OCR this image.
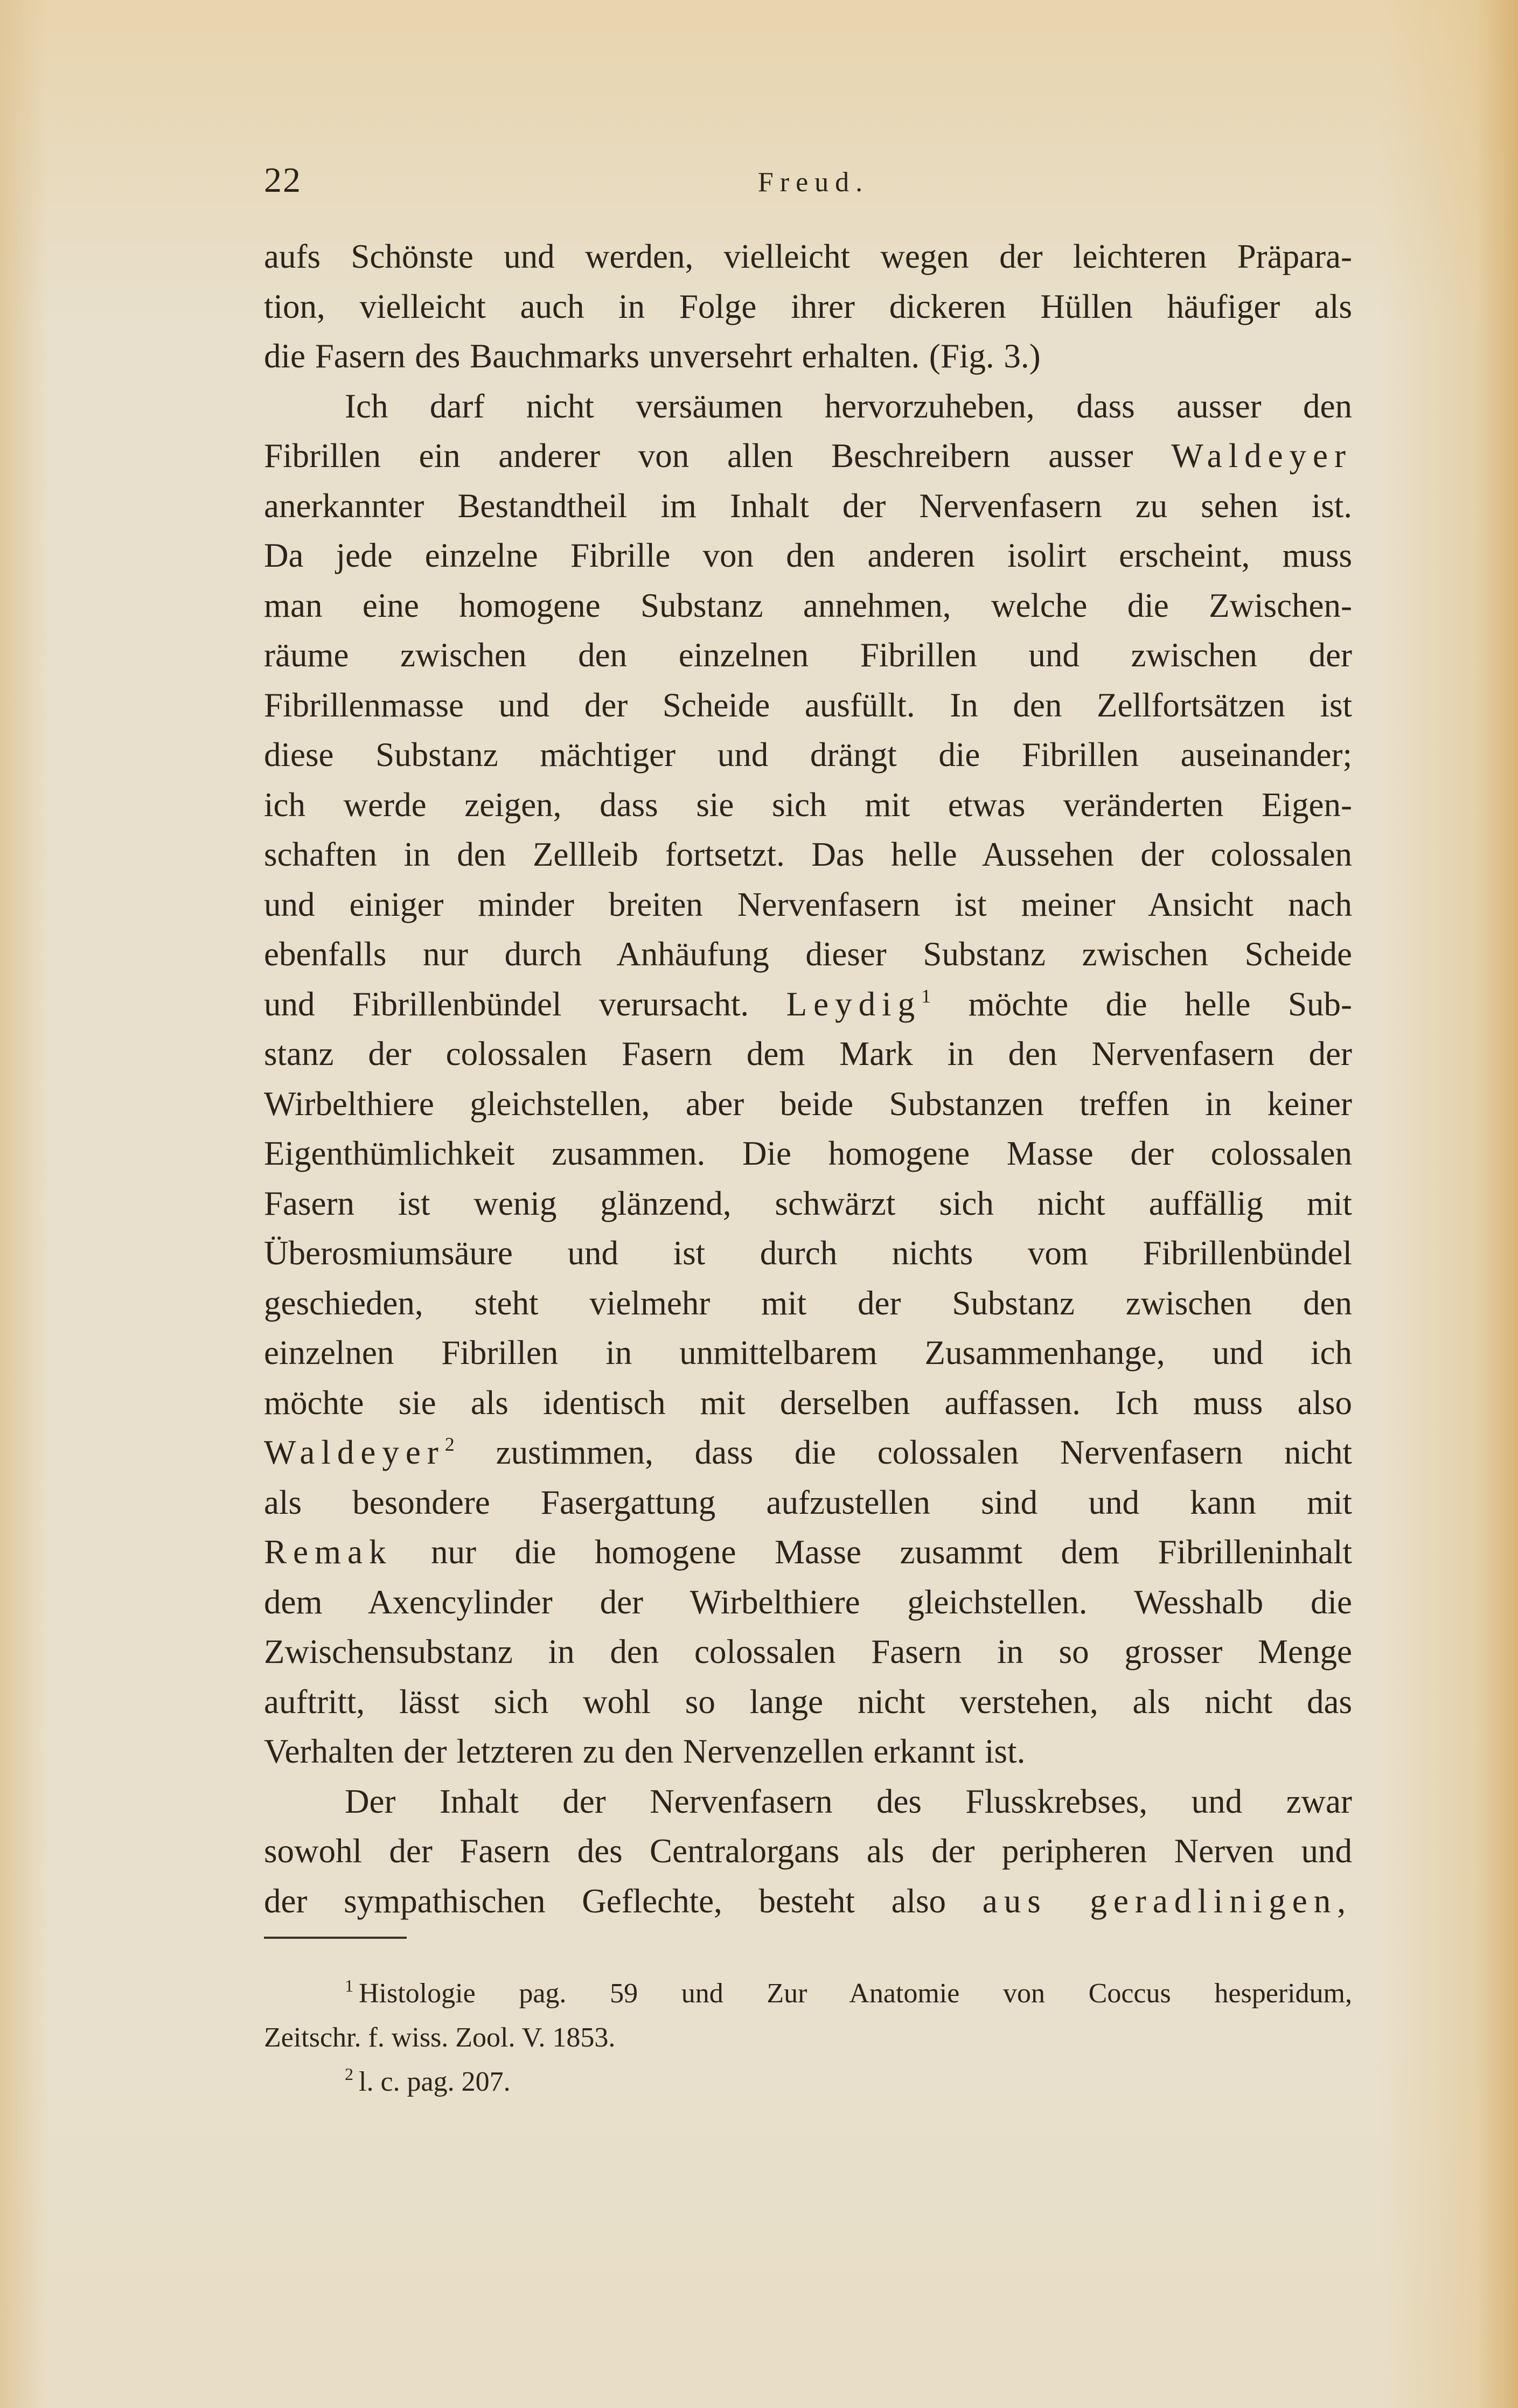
22	Freud.
aufs Schönste und werden, vielleicht wegen der leichteren Präpara-
tion, vielleicht auch in Folge ihrer dickeren Hüllen häufiger als
die Fasern des Bauchmarks unversehrt erhalten. (Fig. 3.)
Ich darf nicht versäumen hervorzuheben, dass ausser den
Fibrillen ein anderer von allen Beschreibern ausser Waldeyer
anerkannter Bestandtheil im Inhalt der Nervenfasern zu sehen ist.
Da jede einzelne Fibrille von den anderen isolirt erscheint, muss
man eine homogene Substanz annehmen, welche die Zwischen-
räume zwischen den einzelnen Fibrillen und zwischen der
Fibrillenmasse und der Scheide ausfüllt. In den Zellfortsätzen ist
diese Substanz mächtiger und drängt die Fibrillen auseinander;
ich werde zeigen, dass sie sich mit etwas veränderten Eigen-
schaften in den Zellleib fortsetzt. Das helle Aussehen der colossalen
und einiger minder breiten Nervenfasern ist meiner Ansicht nach
ebenfalls nur durch Anhäufung dieser Substanz zwischen Scheide
und Fibrillenbündel verursacht. Leydig$^1$ möchte die helle Sub-
stanz der colossalen Fasern dem Mark in den Nervenfasern der
Wirbelthiere gleichstellen, aber beide Substanzen treffen in keiner
Eigenthümlichkeit zusammen. Die homogene Masse der colossalen
Fasern ist wenig glänzend, schwärzt sich nicht auffällig mit
Überosmiumsäure und ist durch nichts vom Fibrillenbündel
geschieden, steht vielmehr mit der Substanz zwischen den
einzelnen Fibrillen in unmittelbarem Zusammenhange, und ich
möchte sie als identisch mit derselben auffassen. Ich muss also
Waldeyer$^2$ zustimmen, dass die colossalen Nervenfasern nicht
als besondere Fasergattung aufzustellen sind und kann mit
Remak nur die homogene Masse zusammt dem Fibrilleninhalt
dem Axencylinder der Wirbelthiere gleichstellen. Wesshalb die
Zwischensubstanz in den colossalen Fasern in so grosser Menge
auftritt, lässt sich wohl so lange nicht verstehen, als nicht das
Verhalten der letzteren zu den Nervenzellen erkannt ist.
Der Inhalt der Nervenfasern des Flusskrebses, und zwar
sowohl der Fasern des Centralorgans als der peripheren Nerven und
der sympathischen Geflechte, besteht also aus geradlinigen,
$^1$ Histologie pag. 59 und Zur Anatomie von Coccus hesperidum,
Zeitschr. f. wiss. Zool. V. 1853.
$^2$ l. c. pag. 207.
